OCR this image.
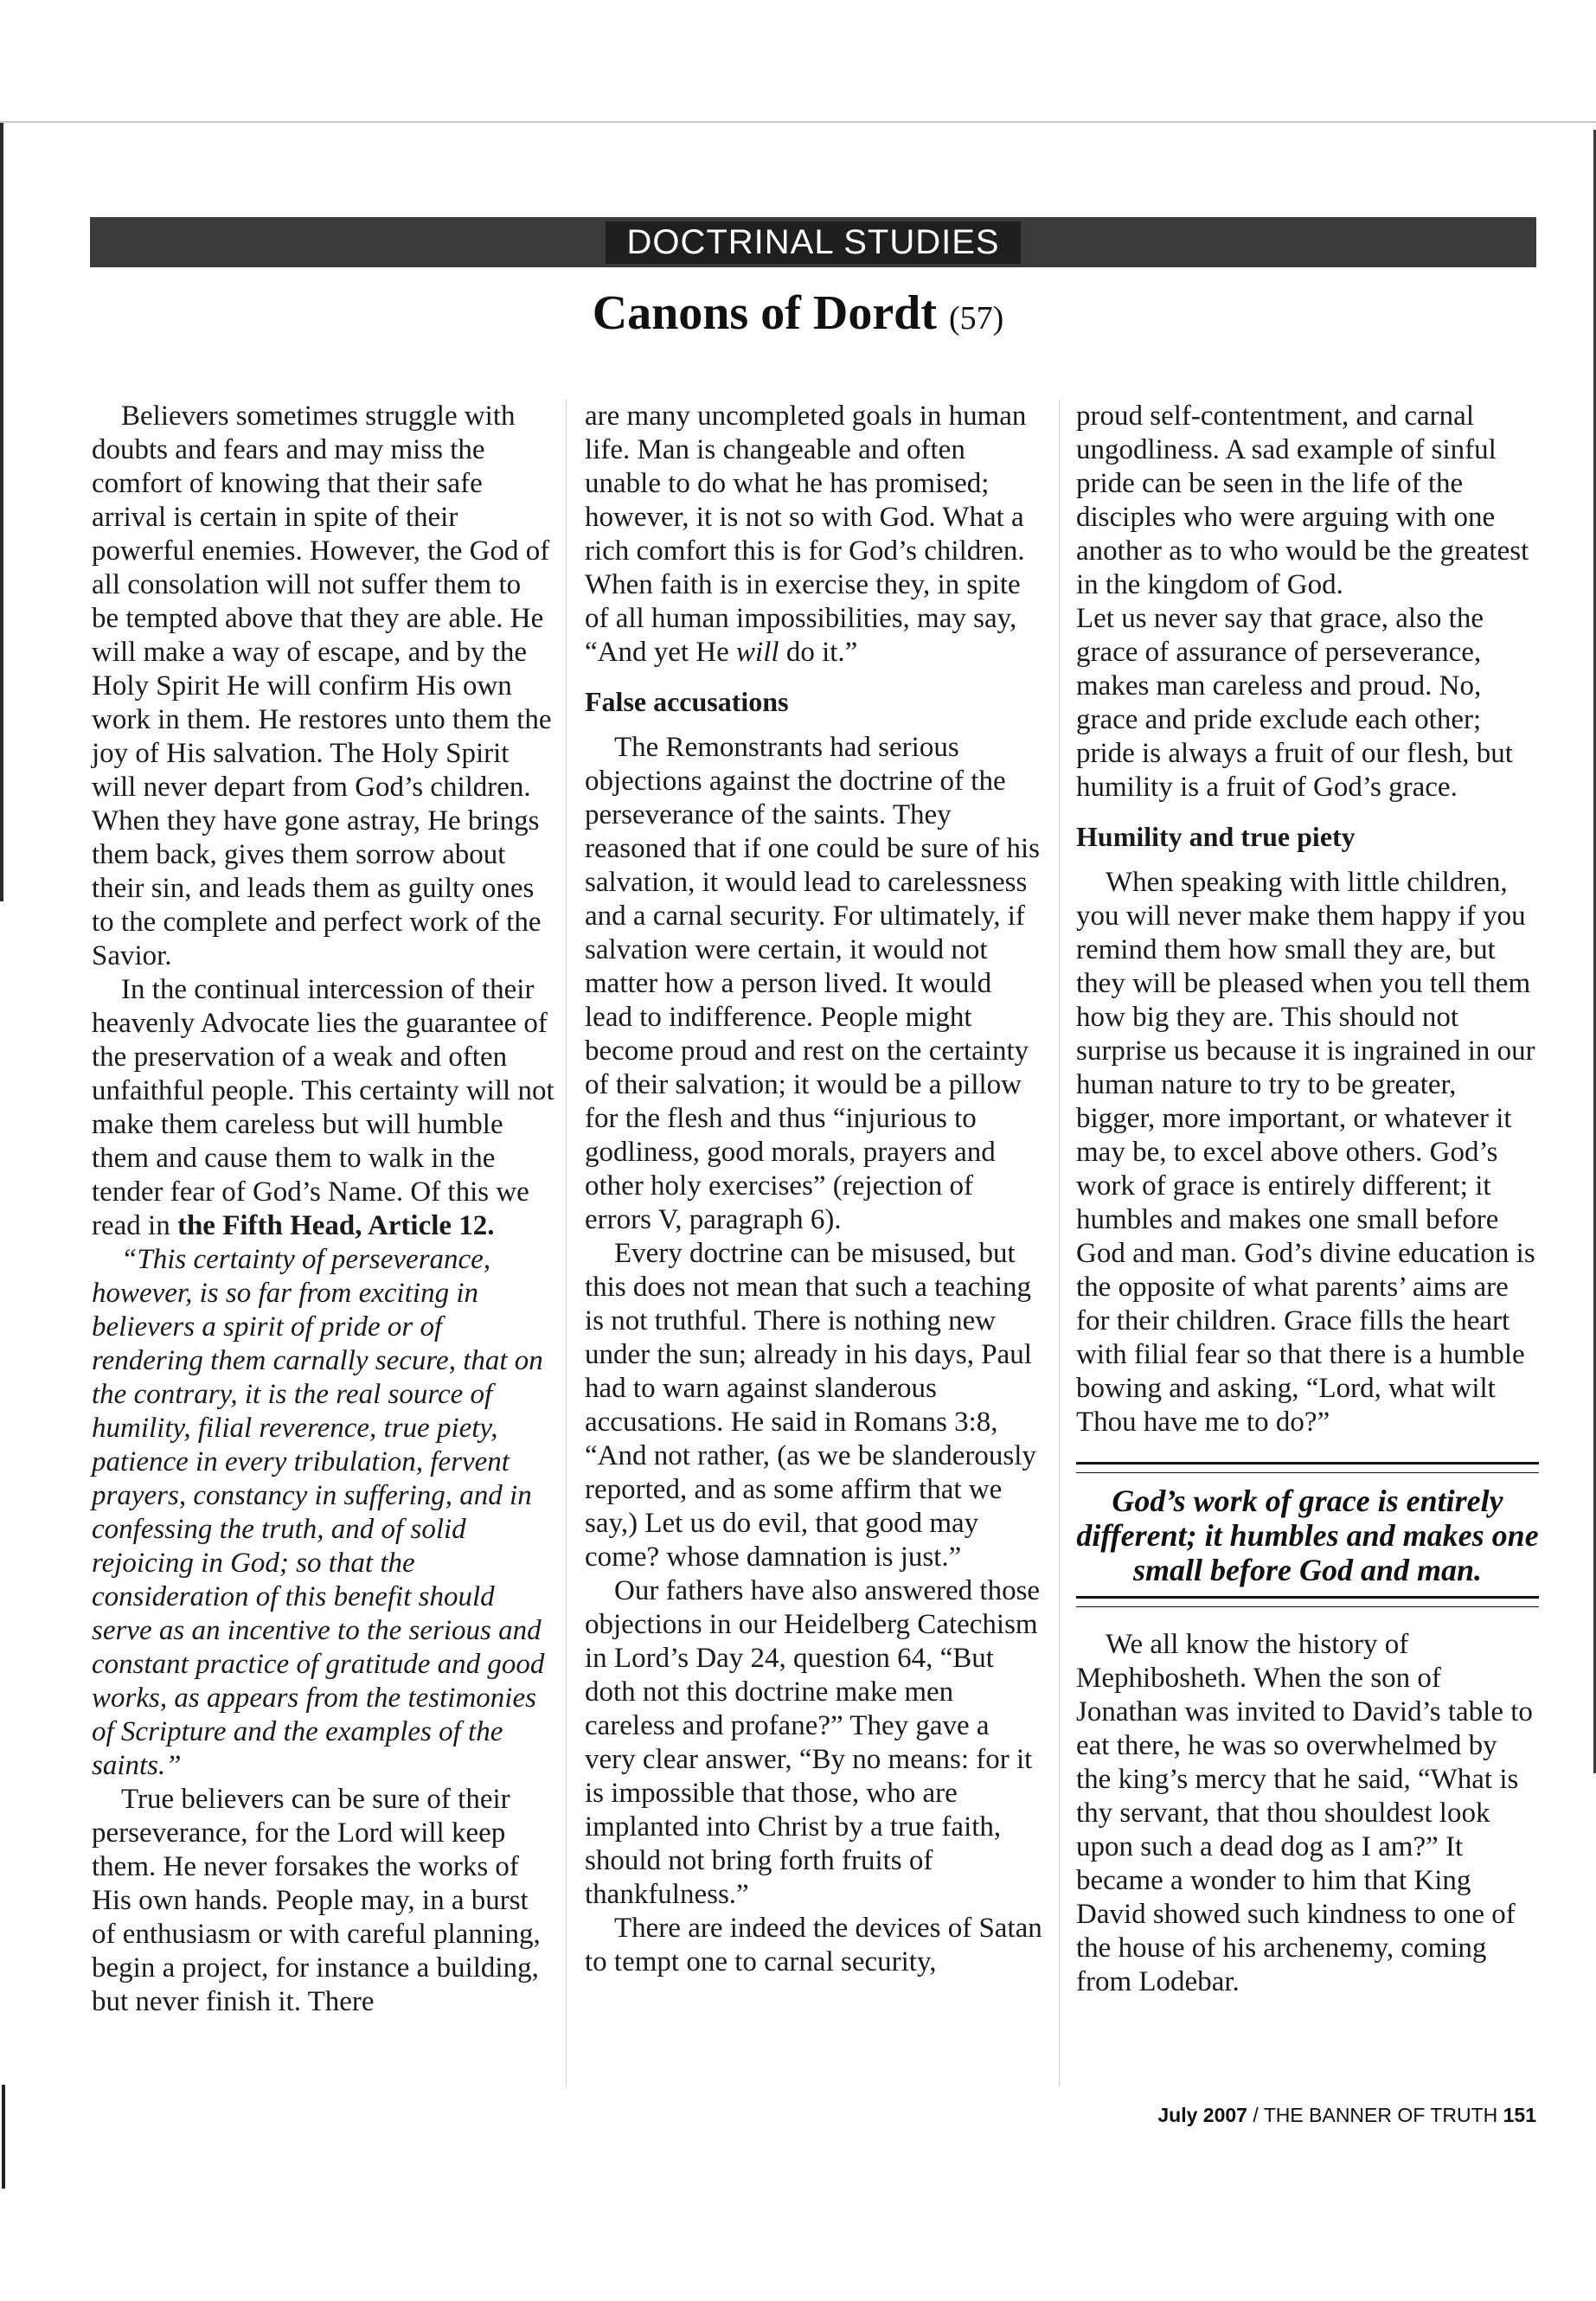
DOCTRINAL STUDIES
Canons of Dordt (57)

Believers sometimes struggle with doubts and fears and may miss the comfort of knowing that their safe arrival is certain in spite of their powerful enemies. However, the God of all consolation will not suffer them to be tempted above that they are able. He will make a way of escape, and by the Holy Spirit He will confirm His own work in them. He restores unto them the joy of His salvation. The Holy Spirit will never depart from God’s children. When they have gone astray, He brings them back, gives them sorrow about their sin, and leads them as guilty ones to the complete and perfect work of the Savior.

In the continual intercession of their heavenly Advocate lies the guarantee of the preservation of a weak and often unfaithful people. This certainty will not make them careless but will humble them and cause them to walk in the tender fear of God’s Name. Of this we read in the Fifth Head, Article 12.

“This certainty of perseverance, however, is so far from exciting in believers a spirit of pride or of rendering them carnally secure, that on the contrary, it is the real source of humility, filial reverence, true piety, patience in every tribulation, fervent prayers, constancy in suffering, and in confessing the truth, and of solid rejoicing in God; so that the consideration of this benefit should serve as an incentive to the serious and constant practice of gratitude and good works, as appears from the testimonies of Scripture and the examples of the saints.”

True believers can be sure of their perseverance, for the Lord will keep them. He never forsakes the works of His own hands. People may, in a burst of enthusiasm or with careful planning, begin a project, for instance a building, but never finish it. There

are many uncompleted goals in human life. Man is changeable and often unable to do what he has promised; however, it is not so with God. What a rich comfort this is for God’s children. When faith is in exercise they, in spite of all human impossibilities, may say, “And yet He will do it.”

False accusations

The Remonstrants had serious objections against the doctrine of the perseverance of the saints. They reasoned that if one could be sure of his salvation, it would lead to carelessness and a carnal security. For ultimately, if salvation were certain, it would not matter how a person lived. It would lead to indifference. People might become proud and rest on the certainty of their salvation; it would be a pillow for the flesh and thus “injurious to godliness, good morals, prayers and other holy exercises” (rejection of errors V, paragraph 6).

Every doctrine can be misused, but this does not mean that such a teaching is not truthful. There is nothing new under the sun; already in his days, Paul had to warn against slanderous accusations. He said in Romans 3:8, “And not rather, (as we be slanderously reported, and as some affirm that we say,) Let us do evil, that good may come? whose damnation is just.”

Our fathers have also answered those objections in our Heidelberg Catechism in Lord’s Day 24, question 64, “But doth not this doctrine make men careless and profane?” They gave a very clear answer, “By no means: for it is impossible that those, who are implanted into Christ by a true faith, should not bring forth fruits of thankfulness.”

There are indeed the devices of Satan to tempt one to carnal security,

proud self-contentment, and carnal ungodliness. A sad example of sinful pride can be seen in the life of the disciples who were arguing with one another as to who would be the greatest in the kingdom of God.

Let us never say that grace, also the grace of assurance of perseverance, makes man careless and proud. No, grace and pride exclude each other; pride is always a fruit of our flesh, but humility is a fruit of God’s grace.

Humility and true piety

When speaking with little children, you will never make them happy if you remind them how small they are, but they will be pleased when you tell them how big they are. This should not surprise us because it is ingrained in our human nature to try to be greater, bigger, more important, or whatever it may be, to excel above others. God’s work of grace is entirely different; it humbles and makes one small before God and man. God’s divine education is the opposite of what parents’ aims are for their children. Grace fills the heart with filial fear so that there is a humble bowing and asking, “Lord, what wilt Thou have me to do?”

God’s work of grace is entirely different; it humbles and makes one small before God and man.

We all know the history of Mephibosheth. When the son of Jonathan was invited to David’s table to eat there, he was so overwhelmed by the king’s mercy that he said, “What is thy servant, that thou shouldest look upon such a dead dog as I am?” It became a wonder to him that King David showed such kindness to one of the house of his archenemy, coming from Lodebar.

July 2007 / THE BANNER OF TRUTH 151
